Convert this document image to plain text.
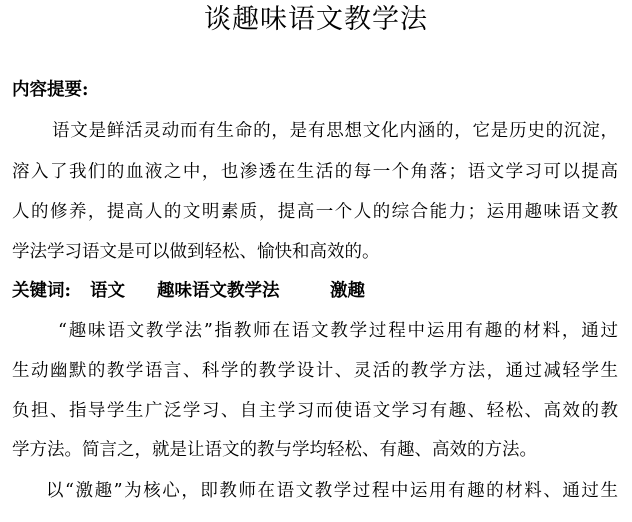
谈趣味语文教学法
内容提要:
语文是鲜活灵动而有生命的，是有思想文化内涵的，它是历史的沉淀，
溶入了我们的血液之中，也渗透在生活的每一个角落；语文学习可以提高
人的修养，提高人的文明素质，提高一个人的综合能力；运用趣味语文教
学法学习语文是可以做到轻松、愉快和高效的。
关键词: 语文 趣味语文教学法	激趣
“趣味语文教学法”指教师在语文教学过程中运用有趣的材料，通过
生动幽默的教学语言、科学的教学设计、灵活的教学方法，通过减轻学生
负担、指导学生广泛学习、自主学习而使语文学习有趣、轻松、高效的教
学方法。简言之，就是让语文的教与学均轻松、有趣、高效的方法。
以“激趣”为核心，即教师在语文教学过程中运用有趣的材料、通过生
